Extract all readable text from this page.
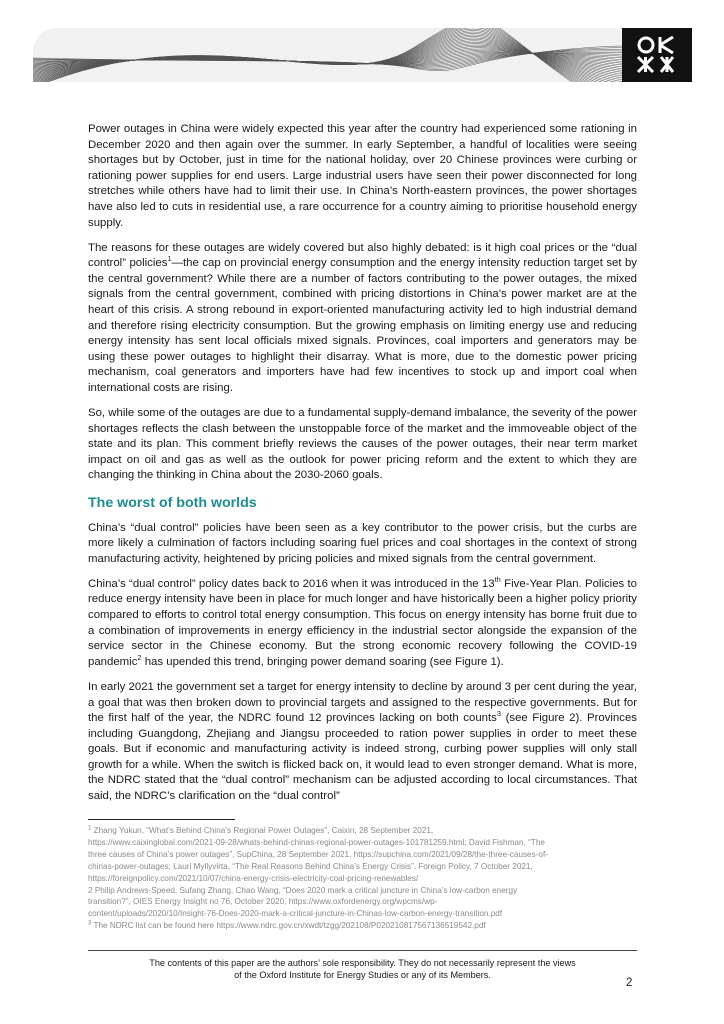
Power outages in China were widely expected this year after the country had experienced some rationing in December 2020 and then again over the summer. In early September, a handful of localities were seeing shortages but by October, just in time for the national holiday, over 20 Chinese provinces were curbing or rationing power supplies for end users. Large industrial users have seen their power disconnected for long stretches while others have had to limit their use. In China’s North-eastern provinces, the power shortages have also led to cuts in residential use, a rare occurrence for a country aiming to prioritise household energy supply.

The reasons for these outages are widely covered but also highly debated: is it high coal prices or the “dual control” policies$^1$—the cap on provincial energy consumption and the energy intensity reduction target set by the central government? While there are a number of factors contributing to the power outages, the mixed signals from the central government, combined with pricing distortions in China’s power market are at the heart of this crisis. A strong rebound in export-oriented manufacturing activity led to high industrial demand and therefore rising electricity consumption. But the growing emphasis on limiting energy use and reducing energy intensity has sent local officials mixed signals. Provinces, coal importers and generators may be using these power outages to highlight their disarray. What is more, due to the domestic power pricing mechanism, coal generators and importers have had few incentives to stock up and import coal when international costs are rising.

So, while some of the outages are due to a fundamental supply-demand imbalance, the severity of the power shortages reflects the clash between the unstoppable force of the market and the immoveable object of the state and its plan. This comment briefly reviews the causes of the power outages, their near term market impact on oil and gas as well as the outlook for power pricing reform and the extent to which they are changing the thinking in China about the 2030-2060 goals.

The worst of both worlds

China’s “dual control” policies have been seen as a key contributor to the power crisis, but the curbs are more likely a culmination of factors including soaring fuel prices and coal shortages in the context of strong manufacturing activity, heightened by pricing policies and mixed signals from the central government.

China’s “dual control” policy dates back to 2016 when it was introduced in the 13th Five-Year Plan. Policies to reduce energy intensity have been in place for much longer and have historically been a higher policy priority compared to efforts to control total energy consumption. This focus on energy intensity has borne fruit due to a combination of improvements in energy efficiency in the industrial sector alongside the expansion of the service sector in the Chinese economy. But the strong economic recovery following the COVID-19 pandemic$^2$ has upended this trend, bringing power demand soaring (see Figure 1).

In early 2021 the government set a target for energy intensity to decline by around 3 per cent during the year, a goal that was then broken down to provincial targets and assigned to the respective governments. But for the first half of the year, the NDRC found 12 provinces lacking on both counts$^3$ (see Figure 2). Provinces including Guangdong, Zhejiang and Jiangsu proceeded to ration power supplies in order to meet these goals. But if economic and manufacturing activity is indeed strong, curbing power supplies will only stall growth for a while. When the switch is flicked back on, it would lead to even stronger demand. What is more, the NDRC stated that the “dual control” mechanism can be adjusted according to local circumstances. That said, the NDRC’s clarification on the “dual control”

$^1$ Zhang Yukun, “What’s Behind China’s Regional Power Outages”, Caixin, 28 September 2021,

https://www.caixinglobal.com/2021-09-28/whats-behind-chinas-regional-power-outages-101781259.html; David Fishman, “The

three causes of China’s power outages”, SupChina, 28 September 2021, https://supchina.com/2021/09/28/the-three-causes-of-

chinas-power-outages; Lauri Myllyvirta, “The Real Reasons Behind China’s Energy Crisis”, Foreign Policy, 7 October 2021,

https://foreignpolicy.com/2021/10/07/china-energy-crisis-electricity-coal-pricing-renewables/

2 Philip Andrews-Speed, Sufang Zhang, Chao Wang, “Does 2020 mark a critical juncture in China’s low-carbon energy

transition?”, OIES Energy Insight no 76, October 2020, https://www.oxfordenergy.org/wpcms/wp-

content/uploads/2020/10/Insight-76-Does-2020-mark-a-critical-juncture-in-Chinas-low-carbon-energy-transition.pdf

$^3$ The NDRC list can be found here https://www.ndrc.gov.cn/xwdt/tzgg/202108/P020210817567136519542.pdf

The contents of this paper are the authors’ sole responsibility. They do not necessarily represent the views
of the Oxford Institute for Energy Studies or any of its Members.
2
